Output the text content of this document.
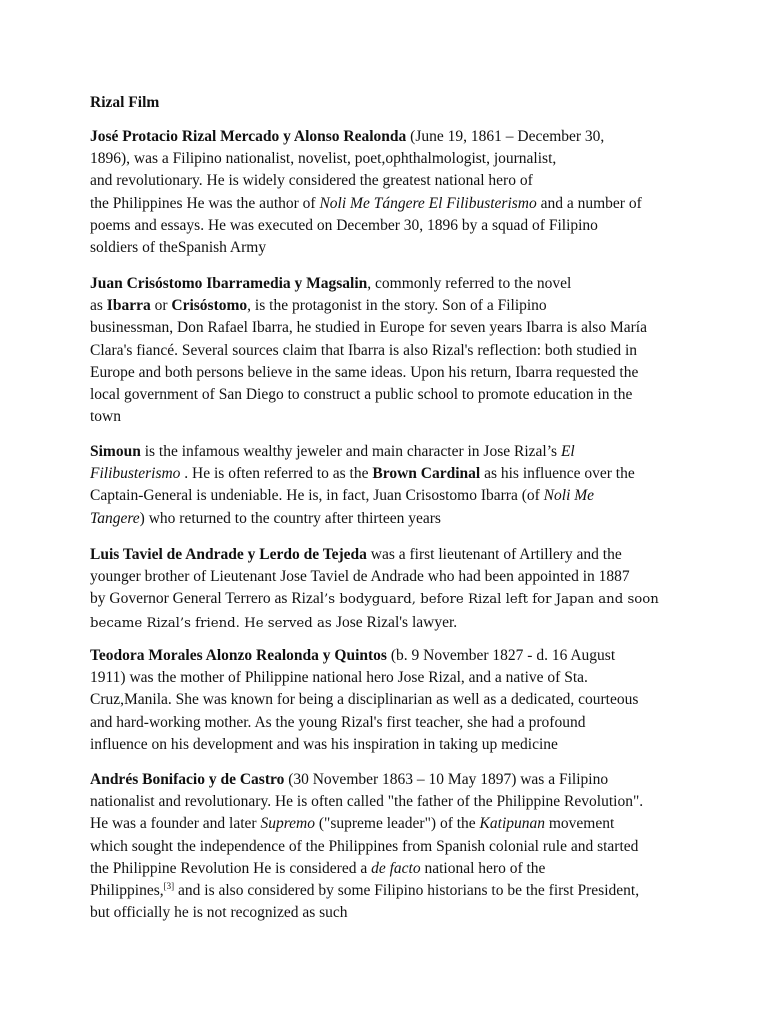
Rizal Film

José Protacio Rizal Mercado y Alonso Realonda (June 19, 1861 – December 30,
1896), was a Filipino nationalist, novelist, poet,ophthalmologist, journalist,
and revolutionary. He is widely considered the greatest national hero of
the Philippines He was the author of Noli Me Tángere El Filibusterismo and a number of
poems and essays. He was executed on December 30, 1896 by a squad of Filipino
soldiers of theSpanish Army

Juan Crisóstomo Ibarramedia y Magsalin, commonly referred to the novel
as Ibarra or Crisóstomo, is the protagonist in the story. Son of a Filipino
businessman, Don Rafael Ibarra, he studied in Europe for seven years Ibarra is also María
Clara's fiancé. Several sources claim that Ibarra is also Rizal's reflection: both studied in
Europe and both persons believe in the same ideas. Upon his return, Ibarra requested the
local government of San Diego to construct a public school to promote education in the
town

Simoun is the infamous wealthy jeweler and main character in Jose Rizal’s El
Filibusterismo . He is often referred to as the Brown Cardinal as his influence over the
Captain-General is undeniable. He is, in fact, Juan Crisostomo Ibarra (of Noli Me
Tangere) who returned to the country after thirteen years

Luis Taviel de Andrade y Lerdo de Tejeda was a first lieutenant of Artillery and the
younger brother of Lieutenant Jose Taviel de Andrade who had been appointed in 1887
by Governor General Terrero as Rizal’s bodyguard, before Rizal left for Japan and soon
became Rizal’s friend. He served as Jose Rizal's lawyer.

Teodora Morales Alonzo Realonda y Quintos (b. 9 November 1827 - d. 16 August
1911) was the mother of Philippine national hero Jose Rizal, and a native of Sta.
Cruz,Manila. She was known for being a disciplinarian as well as a dedicated, courteous
and hard-working mother. As the young Rizal's first teacher, she had a profound
influence on his development and was his inspiration in taking up medicine

Andrés Bonifacio y de Castro (30 November 1863 – 10 May 1897) was a Filipino
nationalist and revolutionary. He is often called "the father of the Philippine Revolution".
He was a founder and later Supremo ("supreme leader") of the Katipunan movement
which sought the independence of the Philippines from Spanish colonial rule and started
the Philippine Revolution He is considered a de facto national hero of the
Philippines,[3] and is also considered by some Filipino historians to be the first President,
but officially he is not recognized as such
